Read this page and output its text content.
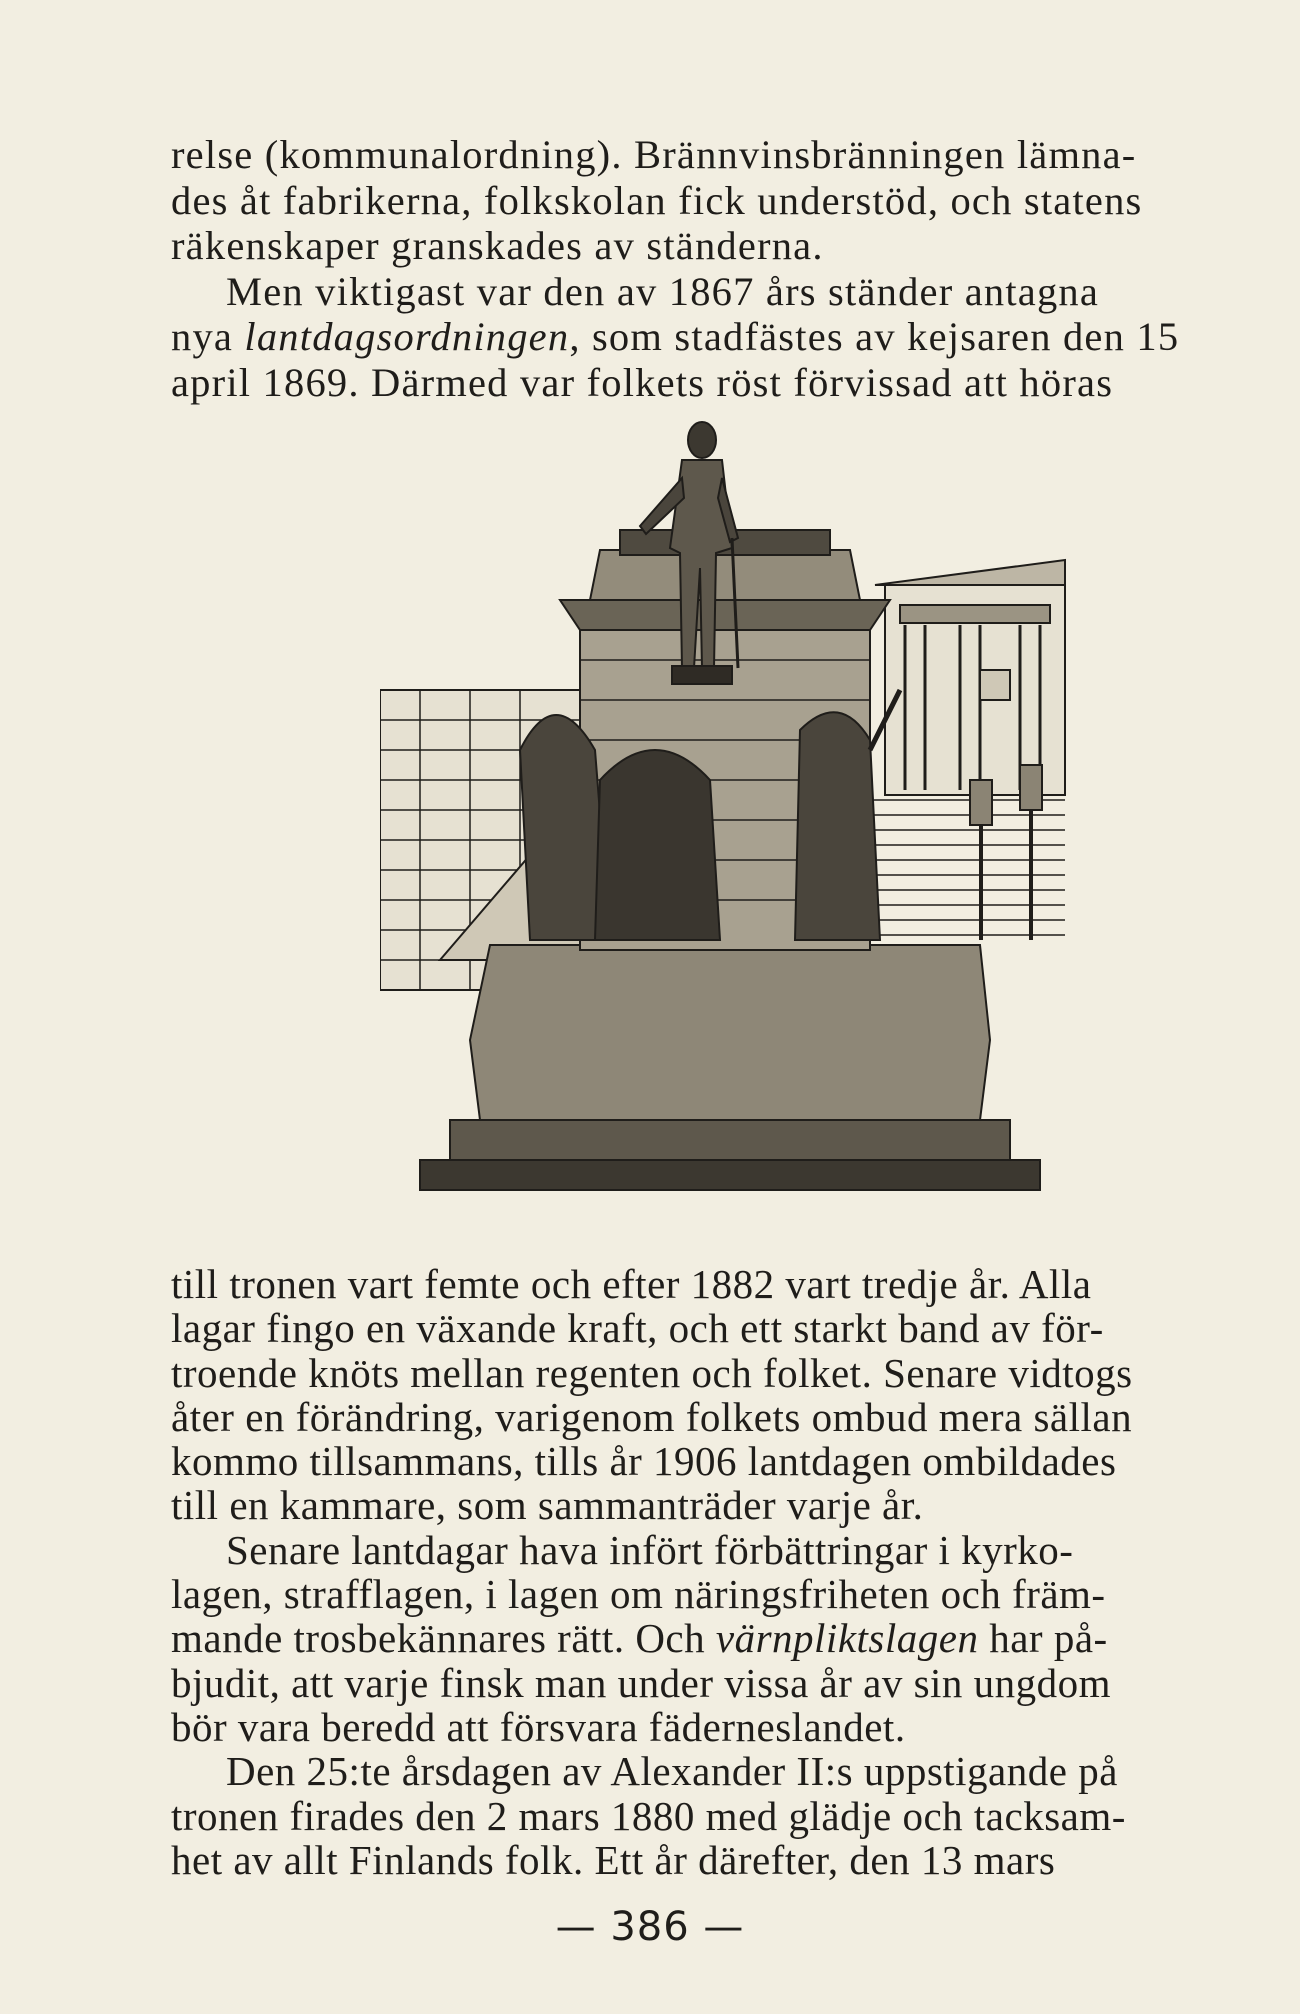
relse (kommunalordning). Brännvinsbränningen lämna-
des åt fabrikerna, folkskolan fick understöd, och statens
räkenskaper granskades av ständerna.
Men viktigast var den av 1867 års ständer antagna
nya lantdagsordningen, som stadfästes av kejsaren den 15
april 1869. Därmed var folkets röst förvissad att höras
till tronen vart femte och efter 1882 vart tredje år. Alla
lagar fingo en växande kraft, och ett starkt band av för-
troende knöts mellan regenten och folket. Senare vidtogs
åter en förändring, varigenom folkets ombud mera sällan
kommo tillsammans, tills år 1906 lantdagen ombildades
till en kammare, som sammanträder varje år.
Senare lantdagar hava infört förbättringar i kyrko-
lagen, strafflagen, i lagen om näringsfriheten och främ-
mande trosbekännares rätt. Och värnpliktslagen har på-
bjudit, att varje finsk man under vissa år av sin ungdom
bör vara beredd att försvara fäderneslandet.
Den 25:te årsdagen av Alexander II:s uppstigande på
tronen firades den 2 mars 1880 med glädje och tacksam-
het av allt Finlands folk. Ett år därefter, den 13 mars
— 386 —
